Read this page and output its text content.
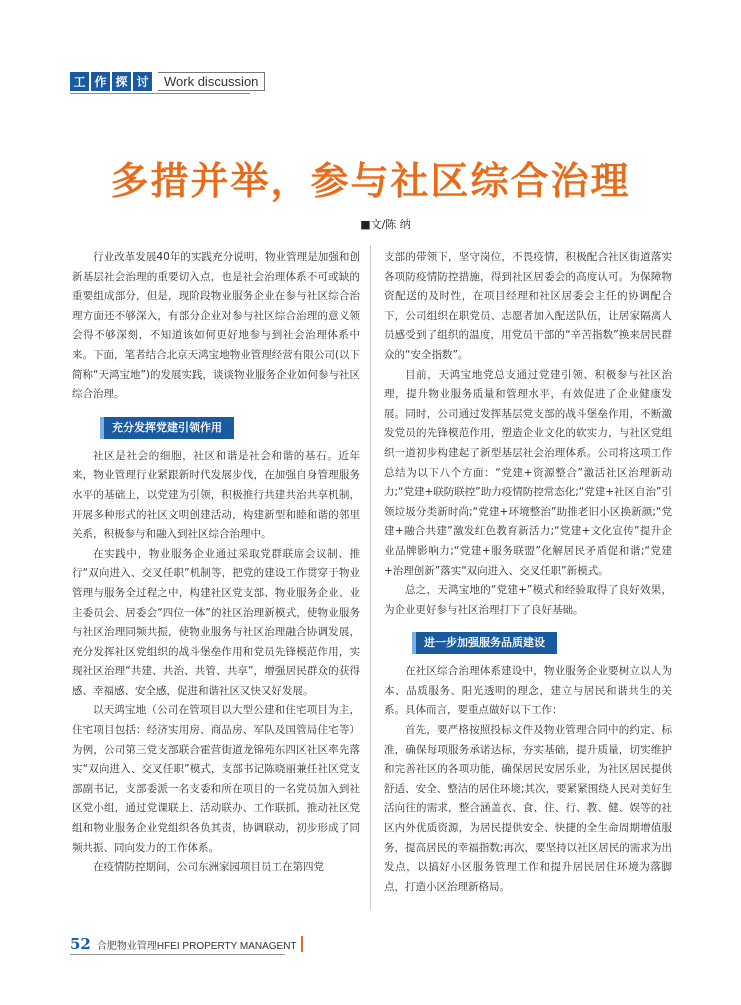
工 作 探 讨	Work discussion
多措并举，参与社区综合治理
■文/陈 纳

行业改革发展40年的实践充分说明，物业管理是加强和创新基层社会治理的重要切入点，也是社会治理体系不可或缺的重要组成部分，但是，现阶段物业服务企业在参与社区综合治理方面还不够深入，有部分企业对参与社区综合治理的意义领会得不够深刻，不知道该如何更好地参与到社会治理体系中来。下面，笔者结合北京天鸿宝地物业管理经营有限公司(以下简称“天鸿宝地”)的发展实践，谈谈物业服务企业如何参与社区综合治理。

充分发挥党建引领作用

社区是社会的细胞，社区和谐是社会和谐的基石。近年来，物业管理行业紧跟新时代发展步伐，在加强自身管理服务水平的基础上，以党建为引领，积极推行共建共治共享机制，开展多种形式的社区文明创建活动，构建新型和睦和谐的邻里关系，积极参与和融入到社区综合治理中。

在实践中，物业服务企业通过采取党群联席会议制、推行“双向进入、交叉任职”机制等，把党的建设工作贯穿于物业管理与服务全过程之中，构建社区党支部、物业服务企业、业主委员会、居委会“四位一体”的社区治理新模式，使物业服务与社区治理同频共振，使物业服务与社区治理融合协调发展，充分发挥社区党组织的战斗堡垒作用和党员先锋模范作用，实现社区治理“共建、共治、共管、共享”，增强居民群众的获得感、幸福感、安全感，促进和谐社区又快又好发展。

以天鸿宝地（公司在管项目以大型公建和住宅项目为主，住宅项目包括：经济实用房、商品房、军队及国管局住宅等）为例，公司第三党支部联合霍营街道龙锦苑东四区社区率先落实“双向进入、交叉任职”模式，支部书记陈晓丽兼任社区党支部副书记，支部委派一名支委和所在项目的一名党员加入到社区党小组，通过党课联上、活动联办、工作联抓，推动社区党组和物业服务企业党组织各负其责，协调联动，初步形成了同频共振、同向发力的工作体系。

在疫情防控期间，公司东洲家园项目员工在第四党

支部的带领下，坚守岗位，不畏疫情，积极配合社区街道落实各项防疫情防控措施，得到社区居委会的高度认可。为保障物资配送的及时性，在项目经理和社区居委会主任的协调配合下，公司组织在职党员、志愿者加入配送队伍，让居家隔离人员感受到了组织的温度，用党员干部的“辛苦指数”换来居民群众的“安全指数”。

目前，天鸿宝地党总支通过党建引领、积极参与社区治理，提升物业服务质量和管理水平，有效促进了企业健康发展。同时，公司通过发挥基层党支部的战斗堡垒作用，不断激发党员的先锋模范作用，塑造企业文化的软实力，与社区党组织一道初步构建起了新型基层社会治理体系。公司将这项工作总结为以下八个方面：“党建+资源整合”激活社区治理新动力;“党建+联防联控”助力疫情防控常态化;“党建+社区自治”引领垃圾分类新时尚;“党建+环境整治”助推老旧小区换新颜;“党建+融合共建”激发红色教育新活力;“党建+文化宣传”提升企业品牌影响力;“党建+服务联盟”化解居民矛盾促和谐;“党建+治理创新”落实“双向进入、交叉任职”新模式。

总之，天鸿宝地的“党建+”模式和经验取得了良好效果，为企业更好参与社区治理打下了良好基础。

进一步加强服务品质建设

在社区综合治理体系建设中，物业服务企业要树立以人为本、品质服务、阳光透明的理念，建立与居民和谐共生的关系。具体而言，要重点做好以下工作：

首先，要严格按照投标文件及物业管理合同中的约定、标准，确保每项服务承诺达标，夯实基础，提升质量，切实维护和完善社区的各项功能，确保居民安居乐业，为社区居民提供舒适、安全、整洁的居住环境;其次，要紧紧围绕人民对美好生活向往的需求，整合涵盖衣、食、住、行、教、健、娱等的社区内外优质资源，为居民提供安全、快捷的全生命周期增值服务，提高居民的幸福指数;再次，要坚持以社区居民的需求为出发点，以搞好小区服务管理工作和提升居民居住环境为落脚点，打造小区治理新格局。

52 合肥物业管理HFEI PROPERTY MANAGENT
